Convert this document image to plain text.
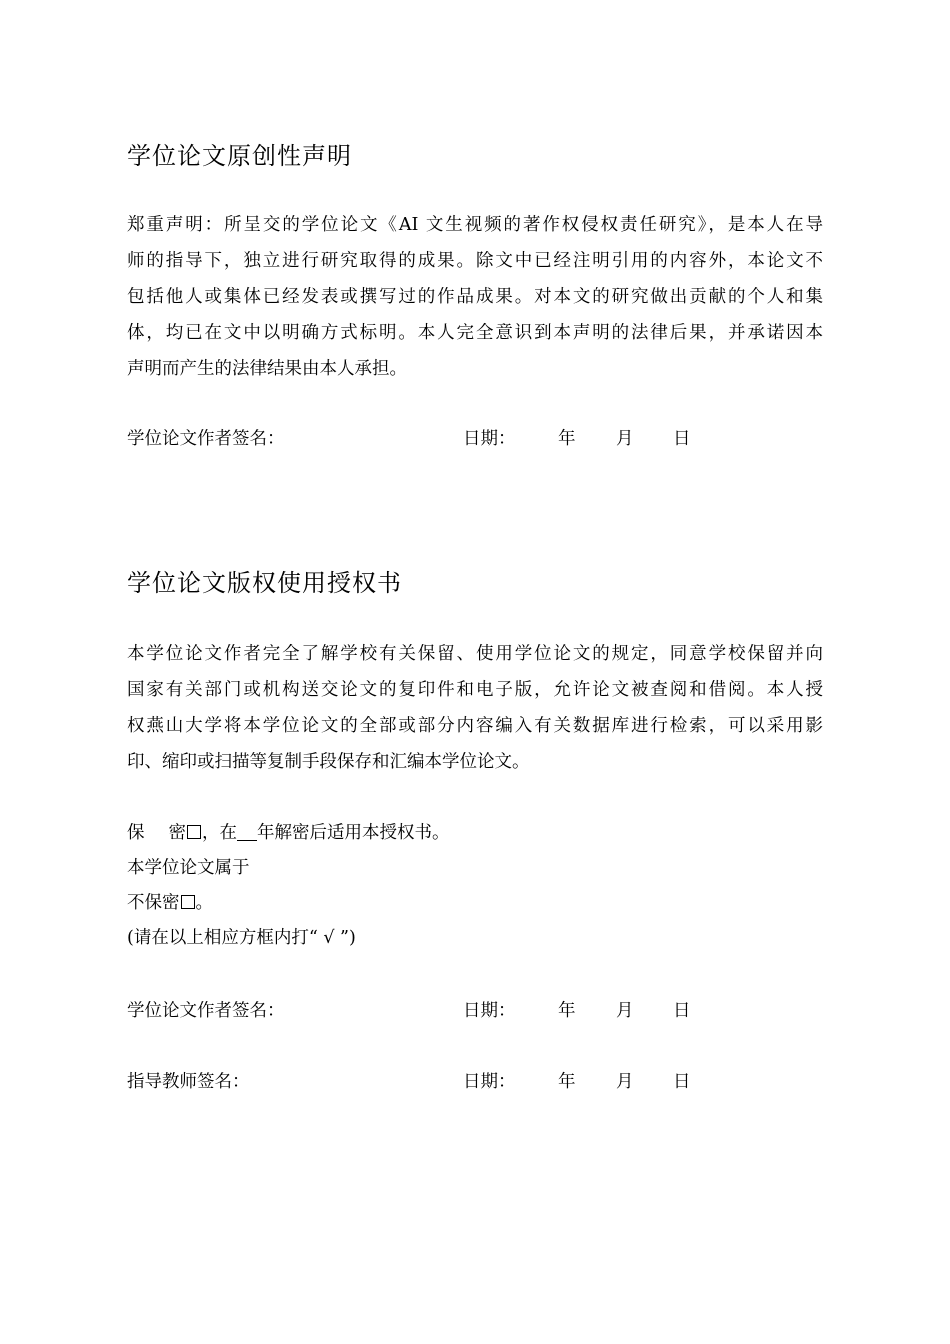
学位论文原创性声明
郑重声明：所呈交的学位论文《AI 文生视频的著作权侵权责任研究》，是本人在导
师的指导下，独立进行研究取得的成果。除文中已经注明引用的内容外，本论文不
包括他人或集体已经发表或撰写过的作品成果。对本文的研究做出贡献的个人和集
体，均已在文中以明确方式标明。本人完全意识到本声明的法律后果，并承诺因本
声明而产生的法律结果由本人承担。
学位论文作者签名：	日期： 年 月 日
学位论文版权使用授权书
本学位论文作者完全了解学校有关保留、使用学位论文的规定，同意学校保留并向
国家有关部门或机构送交论文的复印件和电子版，允许论文被查阅和借阅。本人授
权燕山大学将本学位论文的全部或部分内容编入有关数据库进行检索，可以采用影
印、缩印或扫描等复制手段保存和汇编本学位论文。
保 密 ，在 年解密后适用本授权书。
本学位论文属于
不保密 。
(请在以上相应方框内打“ √ ”)
学位论文作者签名：	日期： 年 月 日
指导教师签名：	日期： 年 月 日
